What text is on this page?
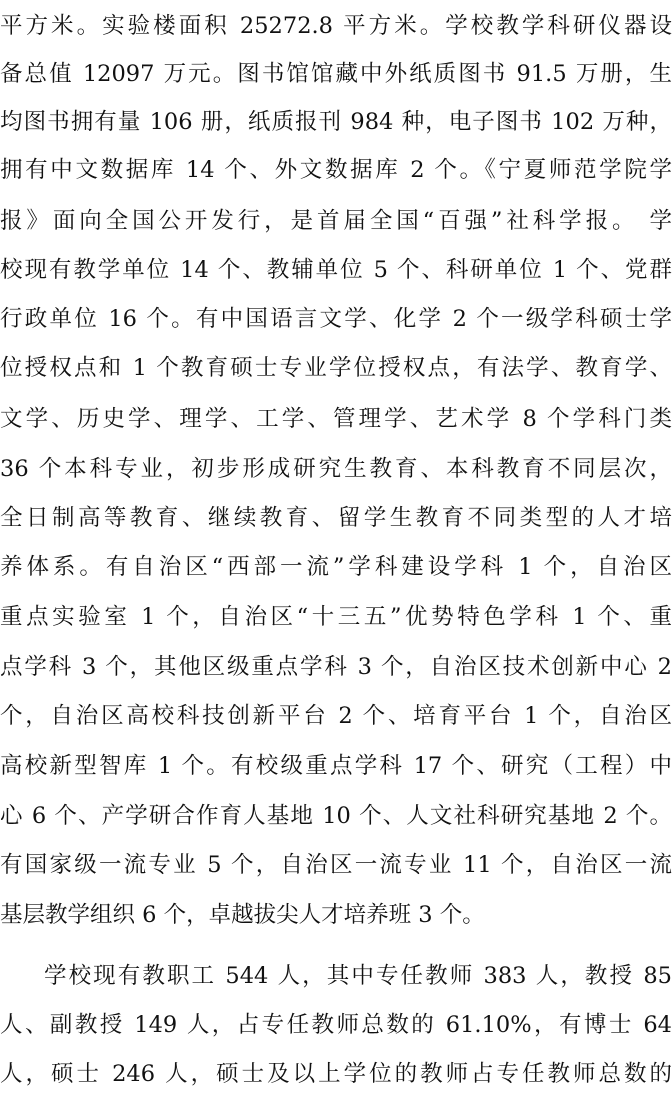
平方米。实验楼面积 25272.8 平方米。学校教学科研仪器设
备总值 12097 万元。图书馆馆藏中外纸质图书 91.5 万册，生
均图书拥有量 106 册，纸质报刊 984 种，电子图书 102 万种，
拥有中文数据库 14 个、外文数据库 2 个。《宁夏师范学院学
报》面向全国公开发行，是首届全国“百强”社科学报。 学
校现有教学单位 14 个、教辅单位 5 个、科研单位 1 个、党群
行政单位 16 个。有中国语言文学、化学 2 个一级学科硕士学
位授权点和 1 个教育硕士专业学位授权点，有法学、教育学、
文学、历史学、理学、工学、管理学、艺术学 8 个学科门类
36 个本科专业，初步形成研究生教育、本科教育不同层次，
全日制高等教育、继续教育、留学生教育不同类型的人才培
养体系。有自治区“西部一流”学科建设学科 1 个，自治区
重点实验室 1 个，自治区“十三五”优势特色学科 1 个、重
点学科 3 个，其他区级重点学科 3 个，自治区技术创新中心 2
个，自治区高校科技创新平台 2 个、培育平台 1 个，自治区
高校新型智库 1 个。有校级重点学科 17 个、研究（工程）中
心 6 个、产学研合作育人基地 10 个、人文社科研究基地 2 个。
有国家级一流专业 5 个，自治区一流专业 11 个，自治区一流
基层教学组织 6 个，卓越拔尖人才培养班 3 个。
学校现有教职工 544 人，其中专任教师 383 人，教授 85
人、副教授 149 人，占专任教师总数的 61.10%，有博士 64
人，硕士 246 人，硕士及以上学位的教师占专任教师总数的
